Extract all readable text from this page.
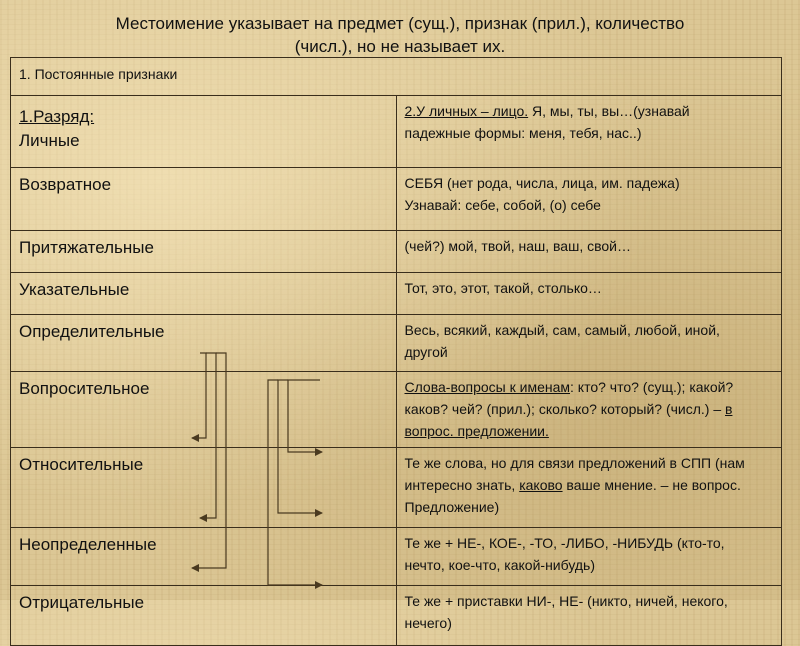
Местоимение указывает на предмет (сущ.), признак (прил.), количество
(числ.), но не называет их.
1. Постоянные признаки	

1.Разряд:
Личные	2.У личных – лицо. Я, мы, ты, вы…(узнавай
падежные формы: меня, тебя, нас..)

Возвратное	СЕБЯ (нет рода, числа, лица, им. падежа)
Узнавай: себе, собой, (о) себе

Притяжательные	(чей?) мой, твой, наш, ваш, свой…
Указательные	Тот, это, этот, такой, столько…
Определительные	Весь, всякий, каждый, сам, самый, любой, иной,
другой

Вопросительное	Слова-вопросы к именам: кто? что? (сущ.); какой?
каков? чей? (прил.); сколько? который? (числ.) – в
вопрос. предложении.

Относительные	Те же слова, но для связи предложений в СПП (нам
интересно знать, каково ваше мнение. – не вопрос.
Предложение)

Неопределенные	Те же + НЕ-, КОЕ-, -ТО, -ЛИБО, -НИБУДЬ (кто-то,
нечто, кое-что, какой-нибудь)

Отрицательные	Те же + приставки НИ-, НЕ- (никто, ничей, некого,
нечего)
